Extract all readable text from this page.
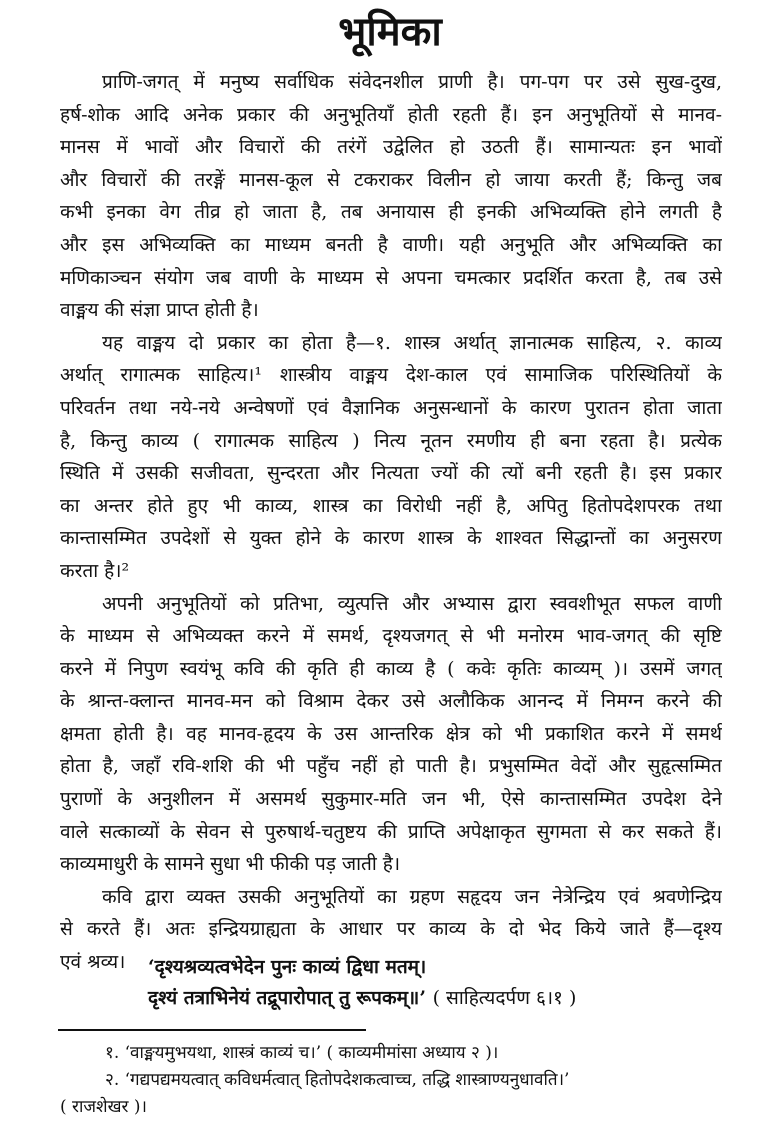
भूमिका
प्राणि-जगत् में मनुष्य सर्वाधिक संवेदनशील प्राणी है। पग-पग पर उसे सुख-दुख,
हर्ष-शोक आदि अनेक प्रकार की अनुभूतियाँ होती रहती हैं। इन अनुभूतियों से मानव-
मानस में भावों और विचारों की तरंगें उद्वेलित हो उठती हैं। सामान्यतः इन भावों
और विचारों की तरङ्गें मानस-कूल से टकराकर विलीन हो जाया करती हैं; किन्तु जब
कभी इनका वेग तीव्र हो जाता है, तब अनायास ही इनकी अभिव्यक्ति होने लगती है
और इस अभिव्यक्ति का माध्यम बनती है वाणी। यही अनुभूति और अभिव्यक्ति का
मणिकाञ्चन संयोग जब वाणी के माध्यम से अपना चमत्कार प्रदर्शित करता है, तब उसे
वाङ्मय की संज्ञा प्राप्त होती है।
यह वाङ्मय दो प्रकार का होता है—१. शास्त्र अर्थात् ज्ञानात्मक साहित्य, २. काव्य
अर्थात् रागात्मक साहित्य।¹ शास्त्रीय वाङ्मय देश-काल एवं सामाजिक परिस्थितियों के
परिवर्तन तथा नये-नये अन्वेषणों एवं वैज्ञानिक अनुसन्धानों के कारण पुरातन होता जाता
है, किन्तु काव्य ( रागात्मक साहित्य ) नित्य नूतन रमणीय ही बना रहता है। प्रत्येक
स्थिति में उसकी सजीवता, सुन्दरता और नित्यता ज्यों की त्यों बनी रहती है। इस प्रकार
का अन्तर होते हुए भी काव्य, शास्त्र का विरोधी नहीं है, अपितु हितोपदेशपरक तथा
कान्तासम्मित उपदेशों से युक्त होने के कारण शास्त्र के शाश्वत सिद्धान्तों का अनुसरण
करता है।²
अपनी अनुभूतियों को प्रतिभा, व्युत्पत्ति और अभ्यास द्वारा स्ववशीभूत सफल वाणी
के माध्यम से अभिव्यक्त करने में समर्थ, दृश्यजगत् से भी मनोरम भाव-जगत् की सृष्टि
करने में निपुण स्वयंभू कवि की कृति ही काव्य है ( कवेः कृतिः काव्यम् )। उसमें जगत्
के श्रान्त-क्लान्त मानव-मन को विश्राम देकर उसे अलौकिक आनन्द में निमग्न करने की
क्षमता होती है। वह मानव-हृदय के उस आन्तरिक क्षेत्र को भी प्रकाशित करने में समर्थ
होता है, जहाँ रवि-शशि की भी पहुँच नहीं हो पाती है। प्रभुसम्मित वेदों और सुहृत्सम्मित
पुराणों के अनुशीलन में असमर्थ सुकुमार-मति जन भी, ऐसे कान्तासम्मित उपदेश देने
वाले सत्काव्यों के सेवन से पुरुषार्थ-चतुष्टय की प्राप्ति अपेक्षाकृत सुगमता से कर सकते हैं।
काव्यमाधुरी के सामने सुधा भी फीकी पड़ जाती है।
कवि द्वारा व्यक्त उसकी अनुभूतियों का ग्रहण सहृदय जन नेत्रेन्द्रिय एवं श्रवणेन्द्रिय
से करते हैं। अतः इन्द्रियग्राह्यता के आधार पर काव्य के दो भेद किये जाते हैं—दृश्य
एवं श्रव्य।	‘दृश्यश्रव्यत्वभेदेन पुनः काव्यं द्विधा मतम्।
दृश्यं तत्राभिनेयं तद्रूपारोपात् तु रूपकम्॥’ ( साहित्यदर्पण ६।१ )
१. ‘वाङ्मयमुभयथा, शास्त्रं काव्यं च।’ ( काव्यमीमांसा अध्याय २ )।
२. ‘गद्यपद्यमयत्वात् कविधर्मत्वात् हितोपदेशकत्वाच्च, तद्धि शास्त्राण्यनुधावति।’
( राजशेखर )।
